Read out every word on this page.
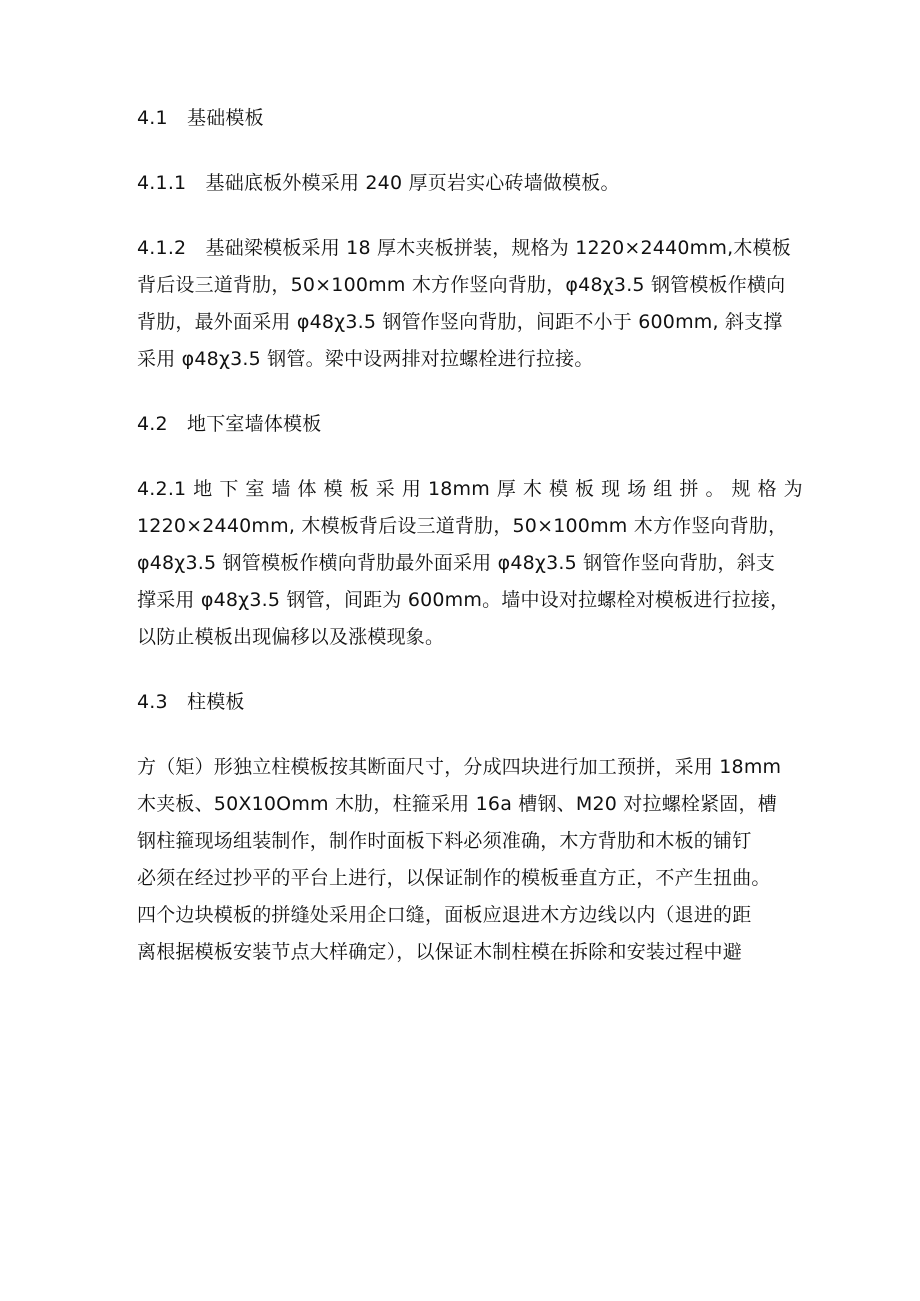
4.1　基础模板

4.1.1　基础底板外模采用 240 厚页岩实心砖墙做模板。

4.1.2　基础梁模板采用 18 厚木夹板拼装，规格为 1220×2440mm,木模板
背后设三道背肋，50×100mm 木方作竖向背肋，φ48χ3.5 钢管模板作横向
背肋，最外面采用 φ48χ3.5 钢管作竖向背肋，间距不小于 600mm, 斜支撑
采用 φ48χ3.5 钢管。梁中设两排对拉螺栓进行拉接。

4.2　地下室墙体模板

4.2.1 地 下 室 墙 体 模 板 采 用 18mm 厚 木 模 板 现 场 组 拼 。 规 格 为
1220×2440mm, 木模板背后设三道背肋，50×100mm 木方作竖向背肋，
φ48χ3.5 钢管模板作横向背肋最外面采用 φ48χ3.5 钢管作竖向背肋，斜支
撑采用 φ48χ3.5 钢管，间距为 600mm。墙中设对拉螺栓对模板进行拉接，
以防止模板出现偏移以及涨模现象。

4.3　柱模板

方（矩）形独立柱模板按其断面尺寸，分成四块进行加工预拼，采用 18mm
木夹板、50X10Omm 木肋，柱箍采用 16a 槽钢、M20 对拉螺栓紧固，槽
钢柱箍现场组装制作，制作时面板下料必须准确，木方背肋和木板的铺钉
必须在经过抄平的平台上进行，以保证制作的模板垂直方正，不产生扭曲。
四个边块模板的拼缝处采用企口缝，面板应退进木方边线以内（退进的距
离根据模板安装节点大样确定），以保证木制柱模在拆除和安装过程中避
